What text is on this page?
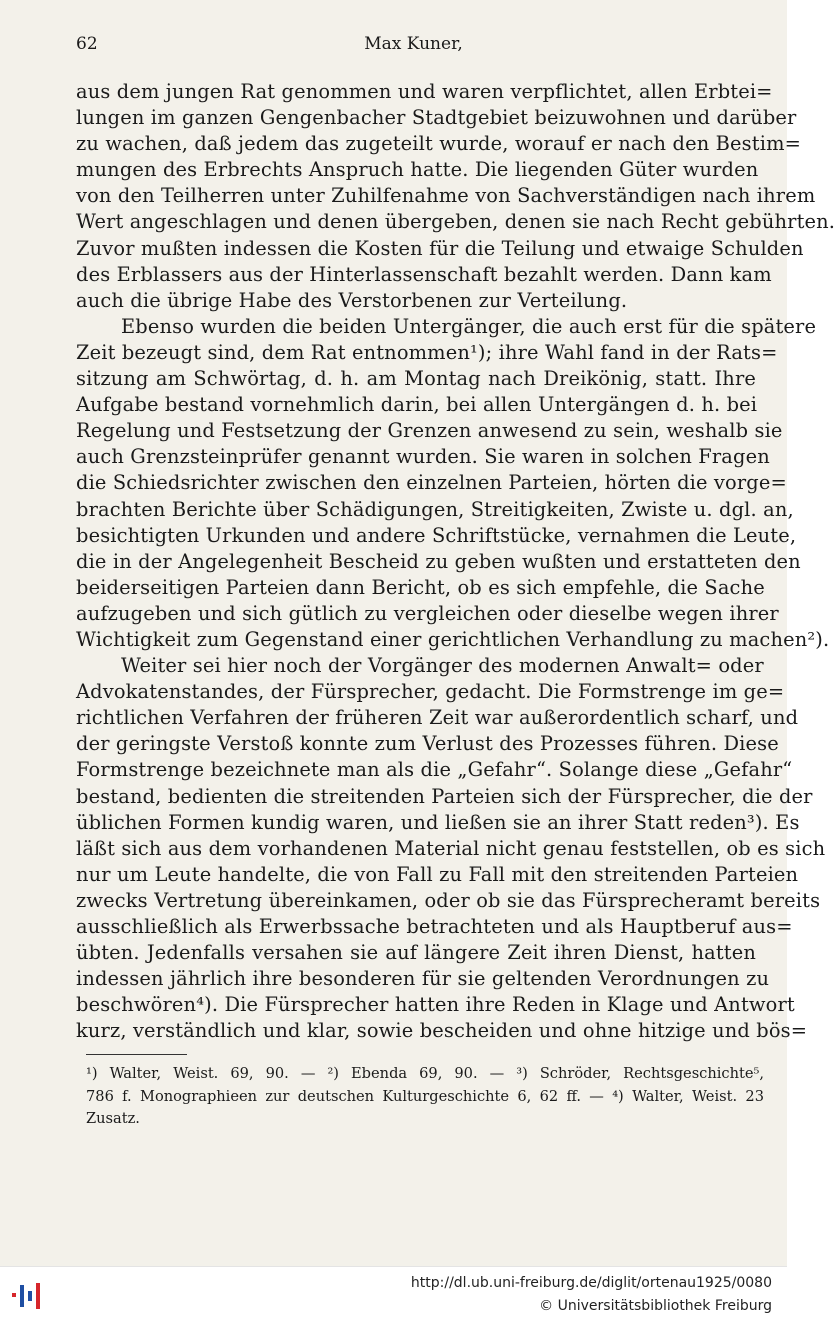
62	Max Kuner,
aus dem jungen Rat genommen und waren verpflichtet, allen Erbtei=
lungen im ganzen Gengenbacher Stadtgebiet beizuwohnen und darüber
zu wachen, daß jedem das zugeteilt wurde, worauf er nach den Bestim=
mungen des Erbrechts Anspruch hatte. Die liegenden Güter wurden
von den Teilherren unter Zuhilfenahme von Sachverständigen nach ihrem
Wert angeschlagen und denen übergeben, denen sie nach Recht gebührten.
Zuvor mußten indessen die Kosten für die Teilung und etwaige Schulden
des Erblassers aus der Hinterlassenschaft bezahlt werden. Dann kam
auch die übrige Habe des Verstorbenen zur Verteilung.
Ebenso wurden die beiden Untergänger, die auch erst für die spätere
Zeit bezeugt sind, dem Rat entnommen¹); ihre Wahl fand in der Rats=
sitzung am Schwörtag, d. h. am Montag nach Dreikönig, statt. Ihre
Aufgabe bestand vornehmlich darin, bei allen Untergängen d. h. bei
Regelung und Festsetzung der Grenzen anwesend zu sein, weshalb sie
auch Grenzsteinprüfer genannt wurden. Sie waren in solchen Fragen
die Schiedsrichter zwischen den einzelnen Parteien, hörten die vorge=
brachten Berichte über Schädigungen, Streitigkeiten, Zwiste u. dgl. an,
besichtigten Urkunden und andere Schriftstücke, vernahmen die Leute,
die in der Angelegenheit Bescheid zu geben wußten und erstatteten den
beiderseitigen Parteien dann Bericht, ob es sich empfehle, die Sache
aufzugeben und sich gütlich zu vergleichen oder dieselbe wegen ihrer
Wichtigkeit zum Gegenstand einer gerichtlichen Verhandlung zu machen²).
Weiter sei hier noch der Vorgänger des modernen Anwalt= oder
Advokatenstandes, der Fürsprecher, gedacht. Die Formstrenge im ge=
richtlichen Verfahren der früheren Zeit war außerordentlich scharf, und
der geringste Verstoß konnte zum Verlust des Prozesses führen. Diese
Formstrenge bezeichnete man als die „Gefahr“. Solange diese „Gefahr“
bestand, bedienten die streitenden Parteien sich der Fürsprecher, die der
üblichen Formen kundig waren, und ließen sie an ihrer Statt reden³). Es
läßt sich aus dem vorhandenen Material nicht genau feststellen, ob es sich
nur um Leute handelte, die von Fall zu Fall mit den streitenden Parteien
zwecks Vertretung übereinkamen, oder ob sie das Fürsprecheramt bereits
ausschließlich als Erwerbssache betrachteten und als Hauptberuf aus=
übten. Jedenfalls versahen sie auf längere Zeit ihren Dienst, hatten
indessen jährlich ihre besonderen für sie geltenden Verordnungen zu
beschwören⁴). Die Fürsprecher hatten ihre Reden in Klage und Antwort
kurz, verständlich und klar, sowie bescheiden und ohne hitzige und bös=
¹) Walter, Weist. 69, 90. — ²) Ebenda 69, 90. — ³) Schröder, Rechtsgeschichte⁵,
786 f. Monographieen zur deutschen Kulturgeschichte 6, 62 ff. — ⁴) Walter, Weist. 23
Zusatz.
http://dl.ub.uni-freiburg.de/diglit/ortenau1925/0080
© Universitätsbibliothek Freiburg
